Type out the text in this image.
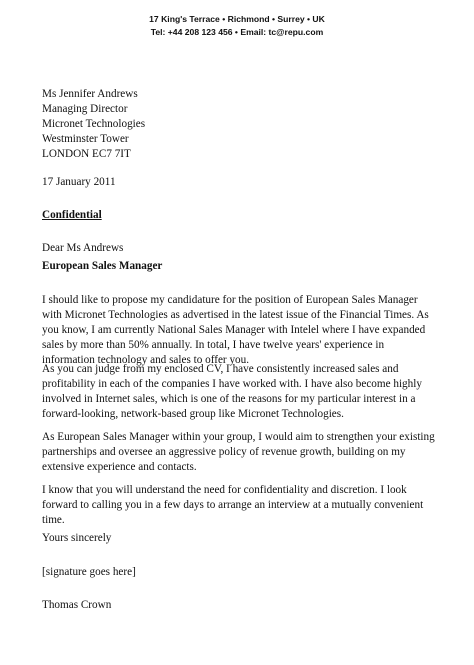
17 King's Terrace • Richmond • Surrey • UK
Tel: +44 208 123 456 • Email: tc@repu.com
Ms Jennifer Andrews
Managing Director
Micronet Technologies
Westminster Tower
LONDON EC7 7IT
17 January 2011
Confidential
Dear Ms Andrews
European Sales Manager
I should like to propose my candidature for the position of European Sales Manager
with Micronet Technologies as advertised in the latest issue of the Financial Times. As
you know, I am currently National Sales Manager with Intelel where I have expanded
sales by more than 50% annually. In total, I have twelve years' experience in
information technology and sales to offer you.
As you can judge from my enclosed CV, I have consistently increased sales and
profitability in each of the companies I have worked with. I have also become highly
involved in Internet sales, which is one of the reasons for my particular interest in a
forward-looking, network-based group like Micronet Technologies.
As European Sales Manager within your group, I would aim to strengthen your existing
partnerships and oversee an aggressive policy of revenue growth, building on my
extensive experience and contacts.
I know that you will understand the need for confidentiality and discretion. I look
forward to calling you in a few days to arrange an interview at a mutually convenient
time.
Yours sincerely
[signature goes here]
Thomas Crown
